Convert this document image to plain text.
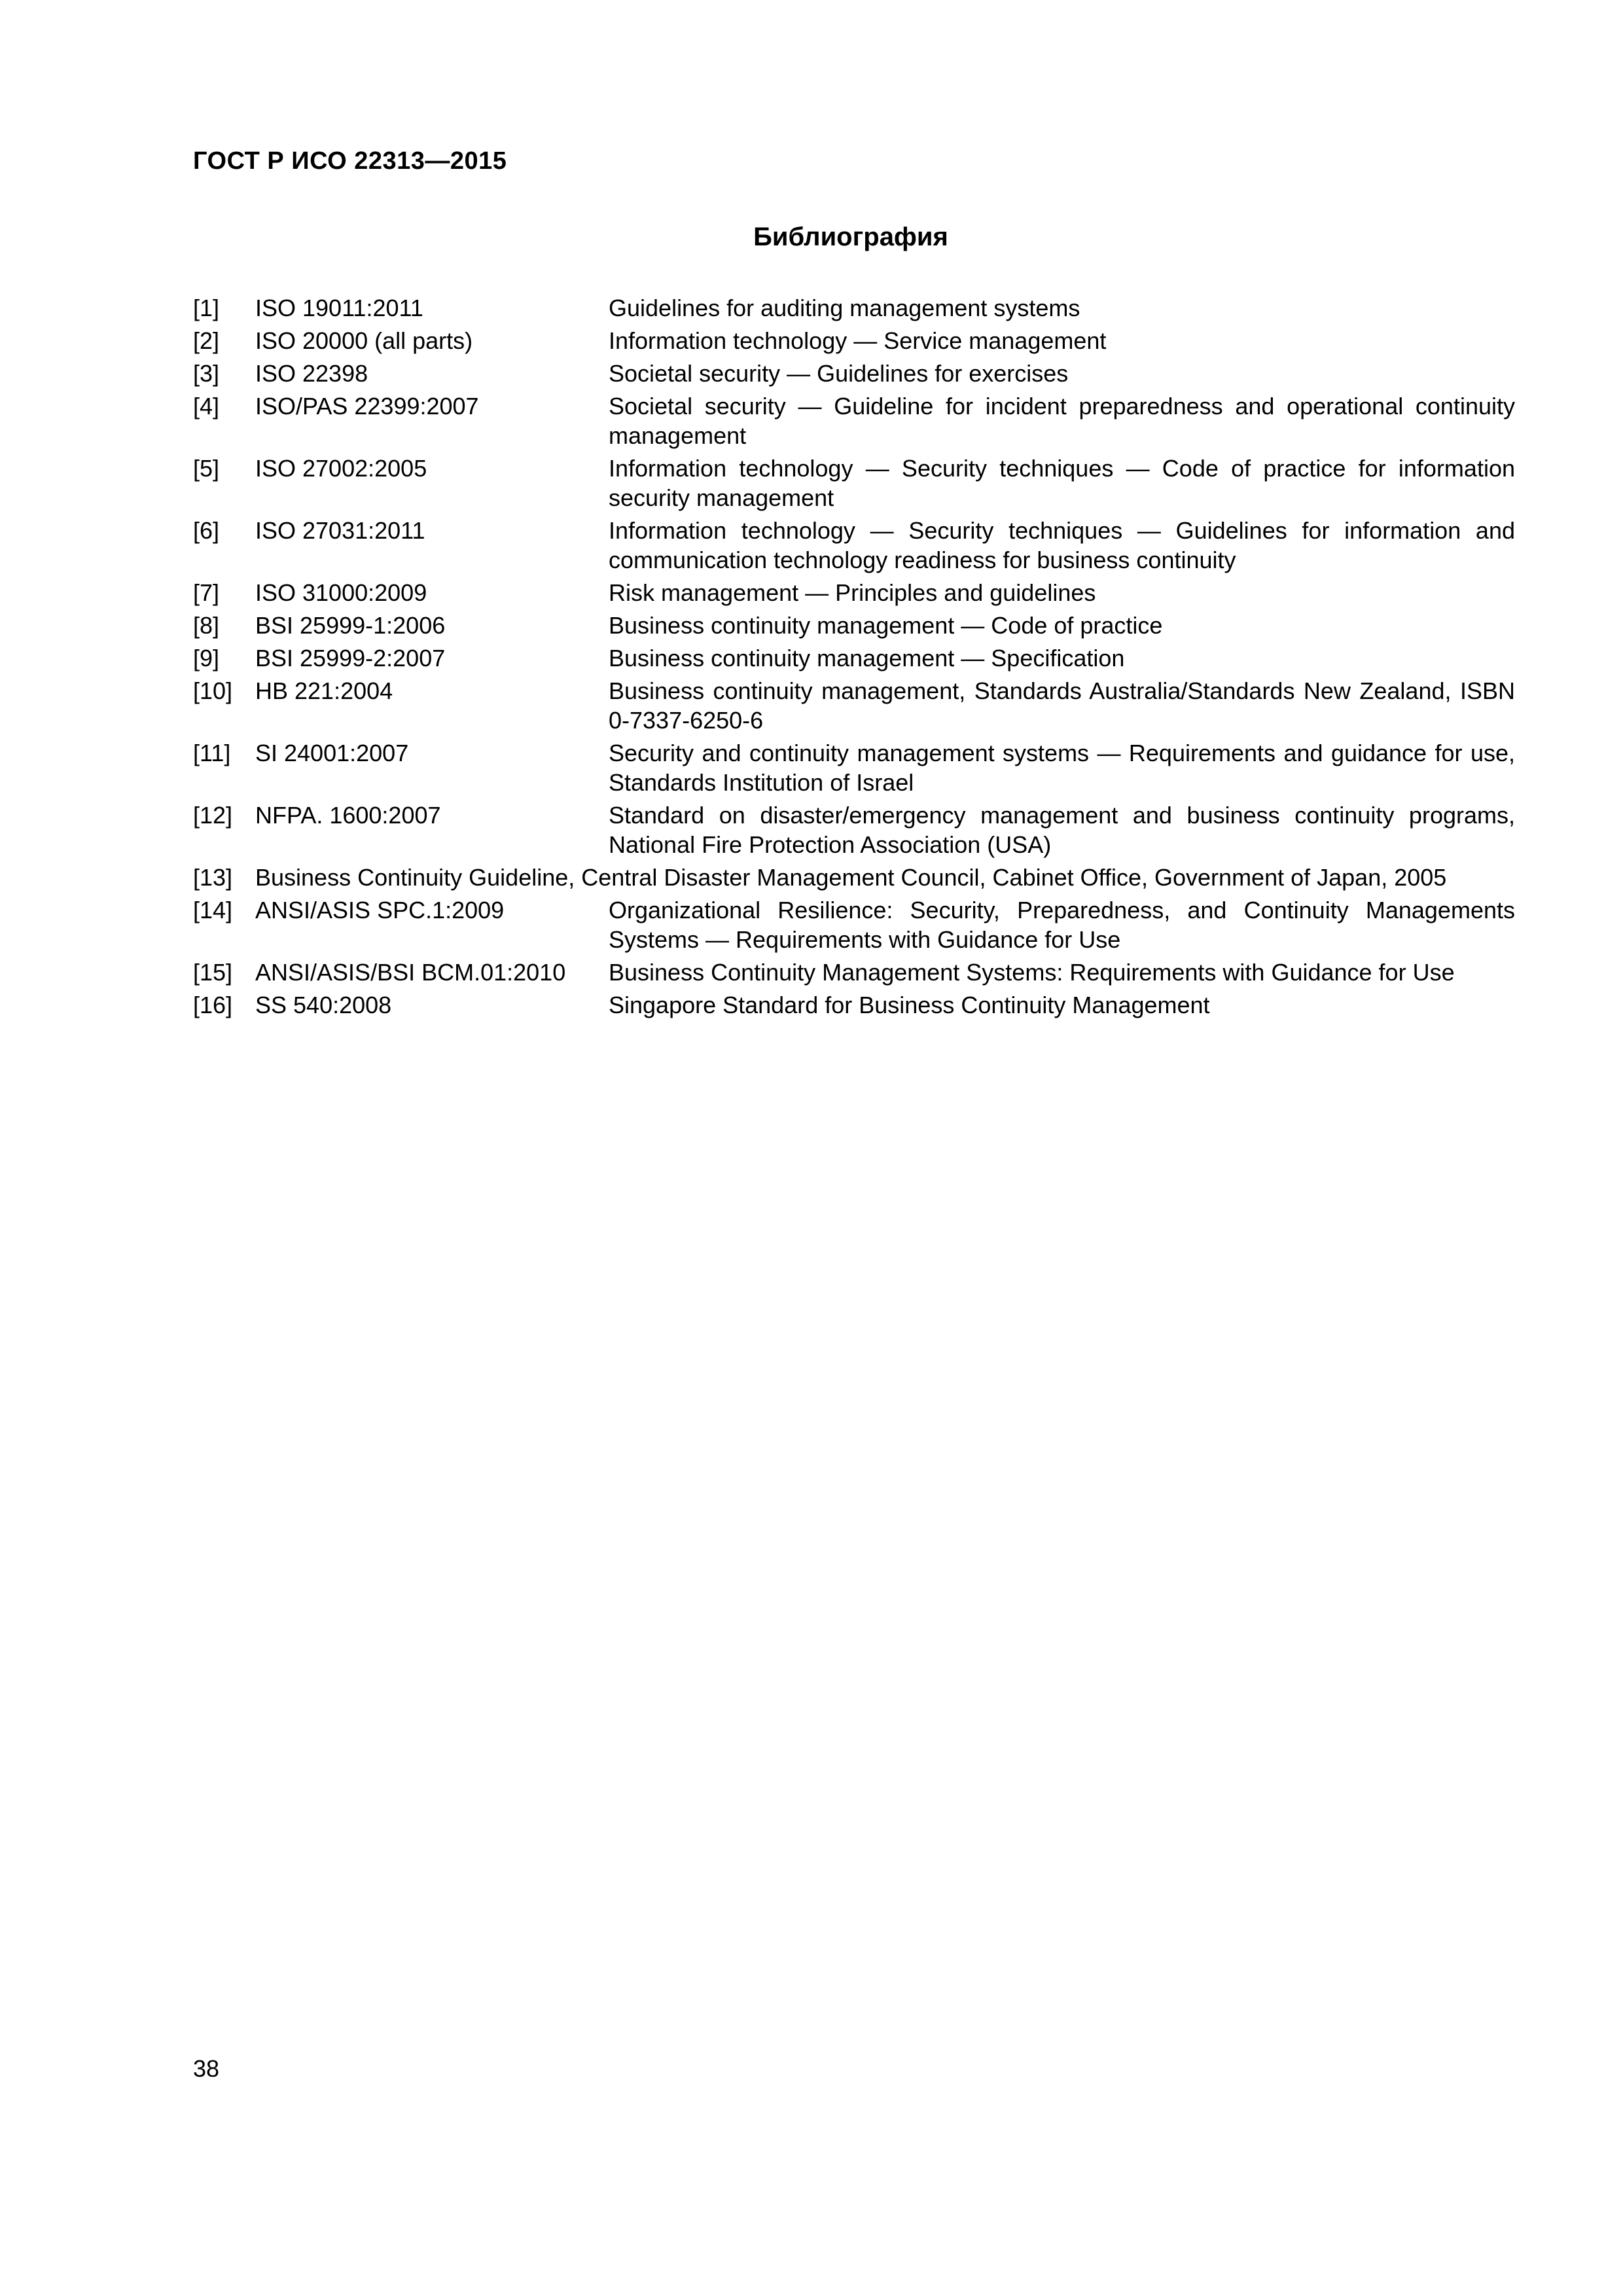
ГОСТ Р ИСО 22313—2015
Библиография
[1]	ISO 19011:2011	Guidelines for auditing management systems
[2]	ISO 20000 (all parts)	Information technology — Service management
[3]	ISO 22398	Societal security — Guidelines for exercises
[4]	ISO/PAS 22399:2007	Societal security — Guideline for incident preparedness and operational continuity management
[5]	ISO 27002:2005	Information technology — Security techniques — Code of practice for information security management
[6]	ISO 27031:2011	Information technology — Security techniques — Guidelines for information and communication technology readiness for business continuity
[7]	ISO 31000:2009	Risk management — Principles and guidelines
[8]	BSI 25999-1:2006	Business continuity management — Code of practice
[9]	BSI 25999-2:2007	Business continuity management — Specification
[10] HB 221:2004	Business continuity management, Standards Australia/Standards New Zealand, ISBN 0-7337-6250-6
[11]	SI 24001:2007	Security and continuity management systems — Requirements and guidance for use, Standards Institution of Israel
[12] NFPA. 1600:2007	Standard on disaster/emergency management and business continuity programs, National Fire Protection Association (USA)
[13] Business Continuity Guideline, Central Disaster Management Council, Cabinet Office, Government of Japan, 2005
[14] ANSI/ASIS SPC.1:2009	Organizational Resilience: Security, Preparedness, and Continuity Managements Systems — Requirements with Guidance for Use
[15] ANSI/ASIS/BSI BCM.01:2010	Business Continuity Management Systems: Requirements with Guidance for Use
[16] SS 540:2008	Singapore Standard for Business Continuity Management
38
